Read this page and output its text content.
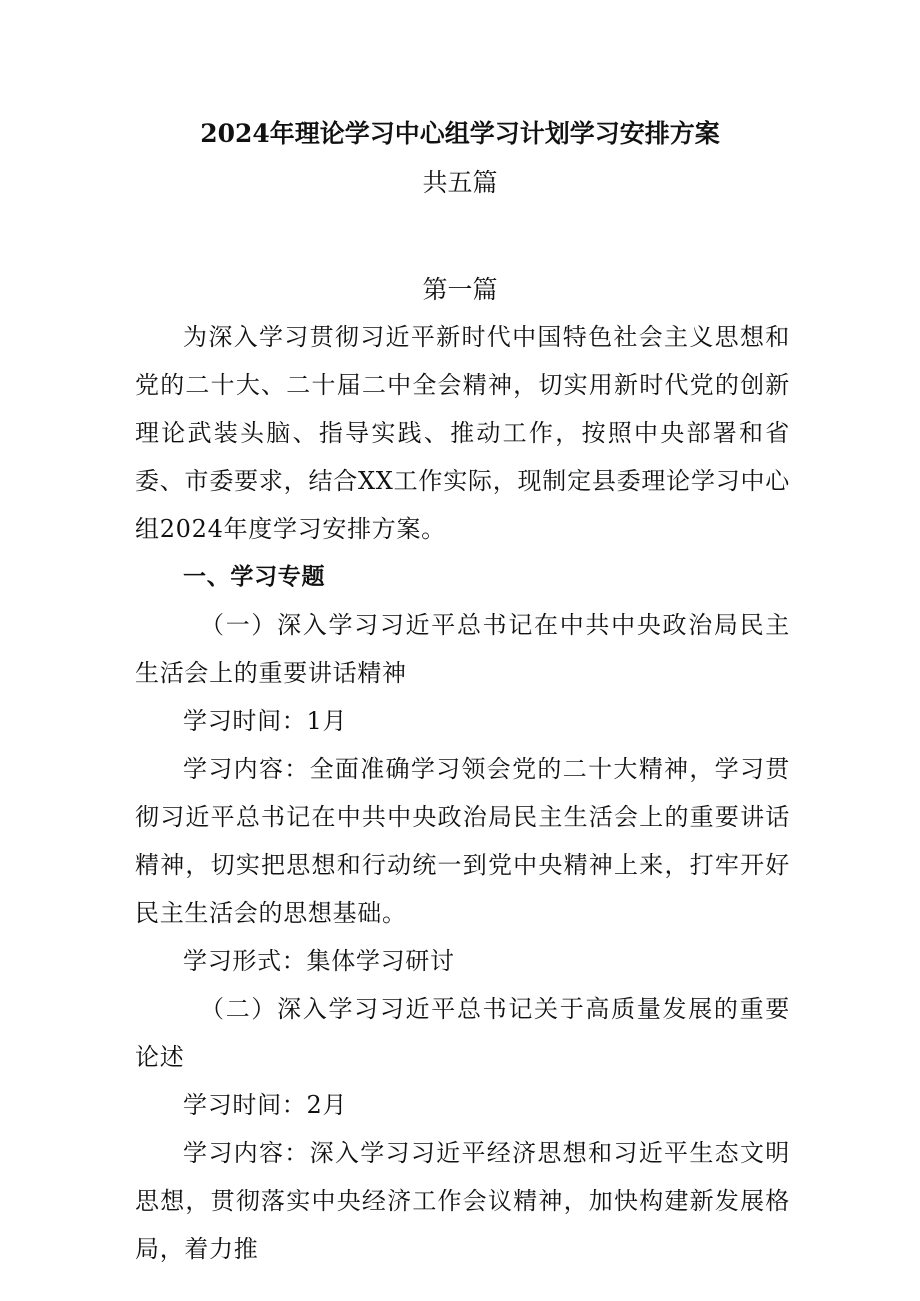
2024年理论学习中心组学习计划学习安排方案
共五篇
第一篇

为深入学习贯彻习近平新时代中国特色社会主义思想和党的二十大、二十届二中全会精神，切实用新时代党的创新理论武装头脑、指导实践、推动工作，按照中央部署和省委、市委要求，结合XX工作实际，现制定县委理论学习中心组2024年度学习安排方案。

一、学习专题

（一）深入学习习近平总书记在中共中央政治局民主生活会上的重要讲话精神

学习时间：1月

学习内容：全面准确学习领会党的二十大精神，学习贯彻习近平总书记在中共中央政治局民主生活会上的重要讲话精神，切实把思想和行动统一到党中央精神上来，打牢开好民主生活会的思想基础。

学习形式：集体学习研讨

（二）深入学习习近平总书记关于高质量发展的重要论述

学习时间：2月

学习内容：深入学习习近平经济思想和习近平生态文明思想，贯彻落实中央经济工作会议精神，加快构建新发展格局，着力推
